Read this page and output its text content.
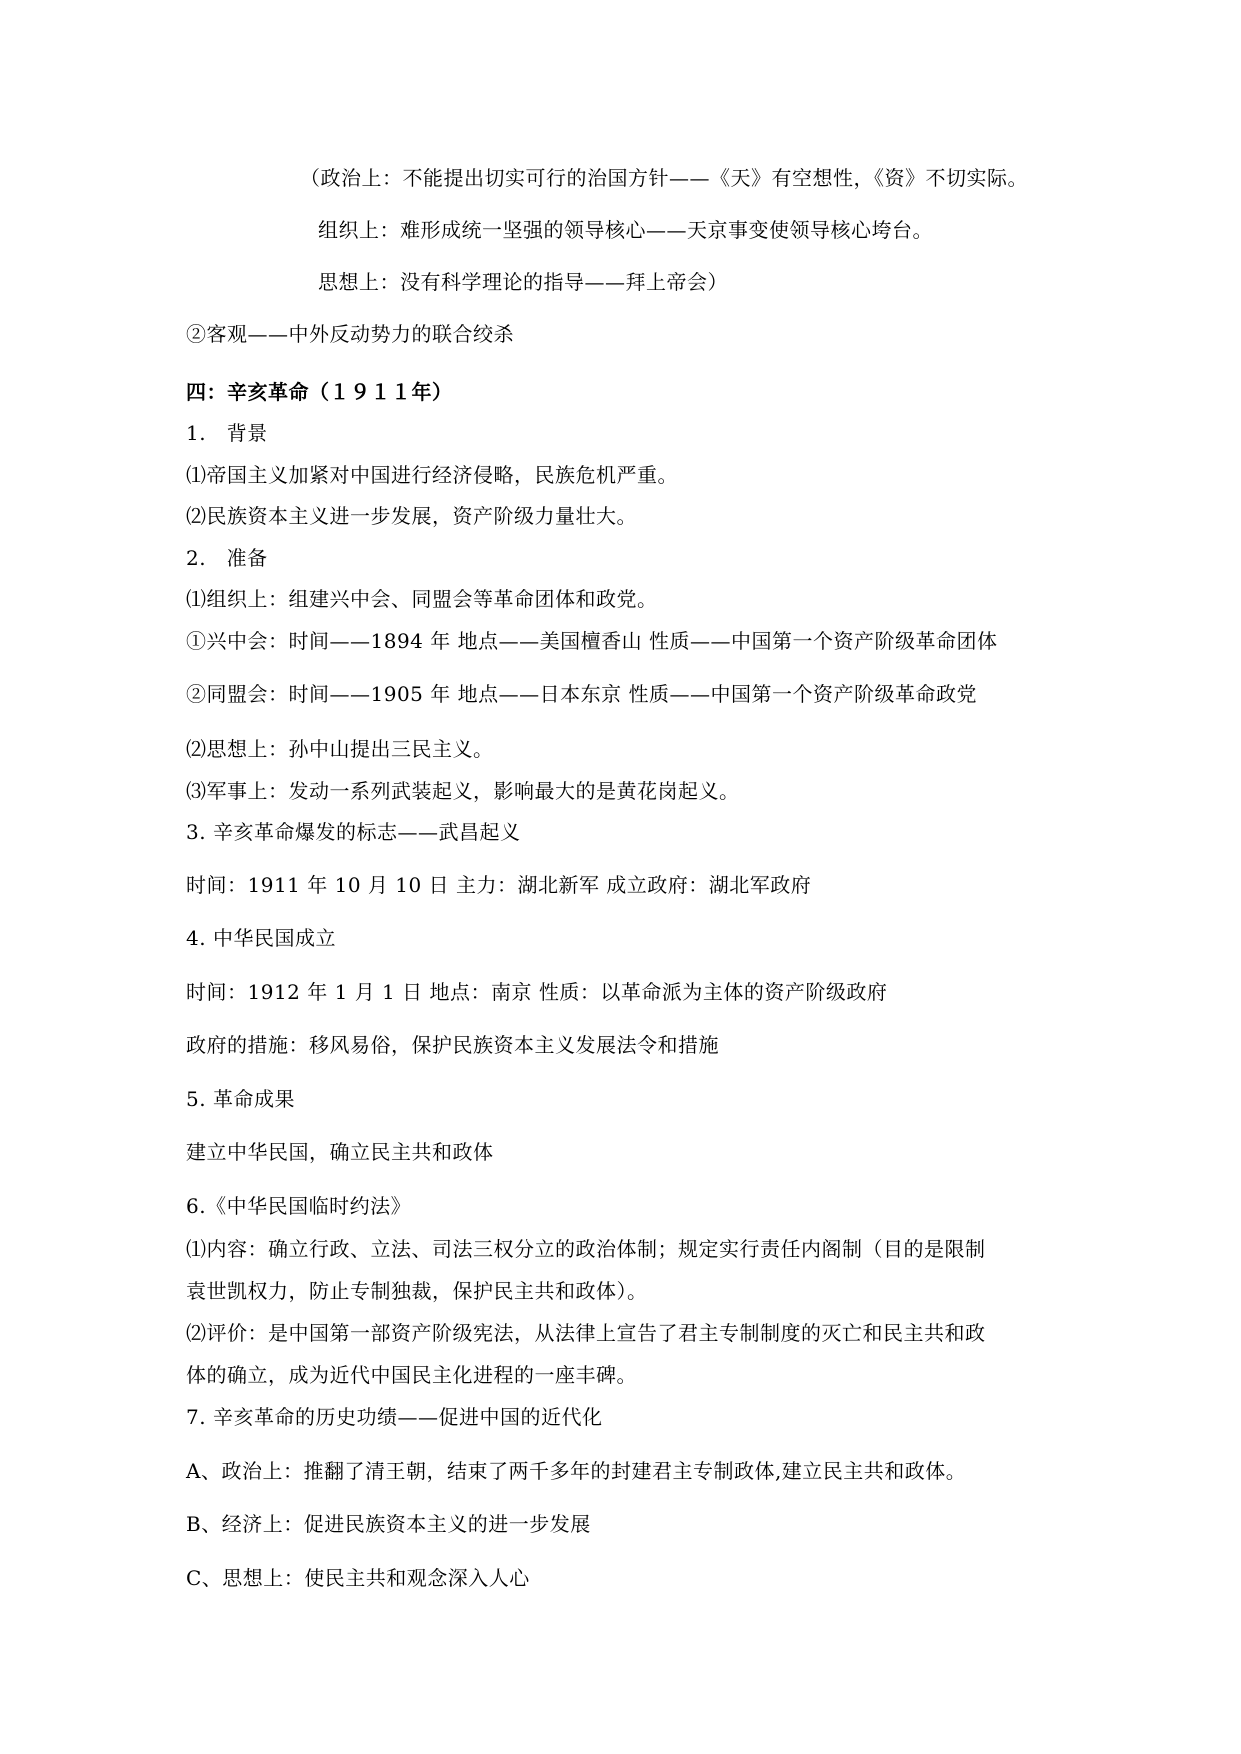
（政治上：不能提出切实可行的治国方针——《天》有空想性，《资》不切实际。
组织上：难形成统一坚强的领导核心——天京事变使领导核心垮台。
思想上：没有科学理论的指导——拜上帝会）
②客观——中外反动势力的联合绞杀
四：辛亥革命（１９１１年）
1.　背景
⑴帝国主义加紧对中国进行经济侵略，民族危机严重。
⑵民族资本主义进一步发展，资产阶级力量壮大。
2.　准备
⑴组织上：组建兴中会、同盟会等革命团体和政党。
①兴中会：时间——1894 年 地点——美国檀香山 性质——中国第一个资产阶级革命团体
②同盟会：时间——1905 年 地点——日本东京 性质——中国第一个资产阶级革命政党
⑵思想上：孙中山提出三民主义。
⑶军事上：发动一系列武装起义，影响最大的是黄花岗起义。
3. 辛亥革命爆发的标志——武昌起义
时间：1911 年 10 月 10 日 主力：湖北新军 成立政府：湖北军政府
4. 中华民国成立
时间：1912 年 1 月 1 日 地点：南京 性质：以革命派为主体的资产阶级政府
政府的措施：移风易俗，保护民族资本主义发展法令和措施
5. 革命成果
建立中华民国，确立民主共和政体
6.《中华民国临时约法》
⑴内容：确立行政、立法、司法三权分立的政治体制；规定实行责任内阁制（目的是限制
袁世凯权力，防止专制独裁，保护民主共和政体）。
⑵评价：是中国第一部资产阶级宪法，从法律上宣告了君主专制制度的灭亡和民主共和政
体的确立，成为近代中国民主化进程的一座丰碑。
7. 辛亥革命的历史功绩——促进中国的近代化
A、政治上：推翻了清王朝，结束了两千多年的封建君主专制政体,建立民主共和政体。
B、经济上：促进民族资本主义的进一步发展
C、思想上：使民主共和观念深入人心
